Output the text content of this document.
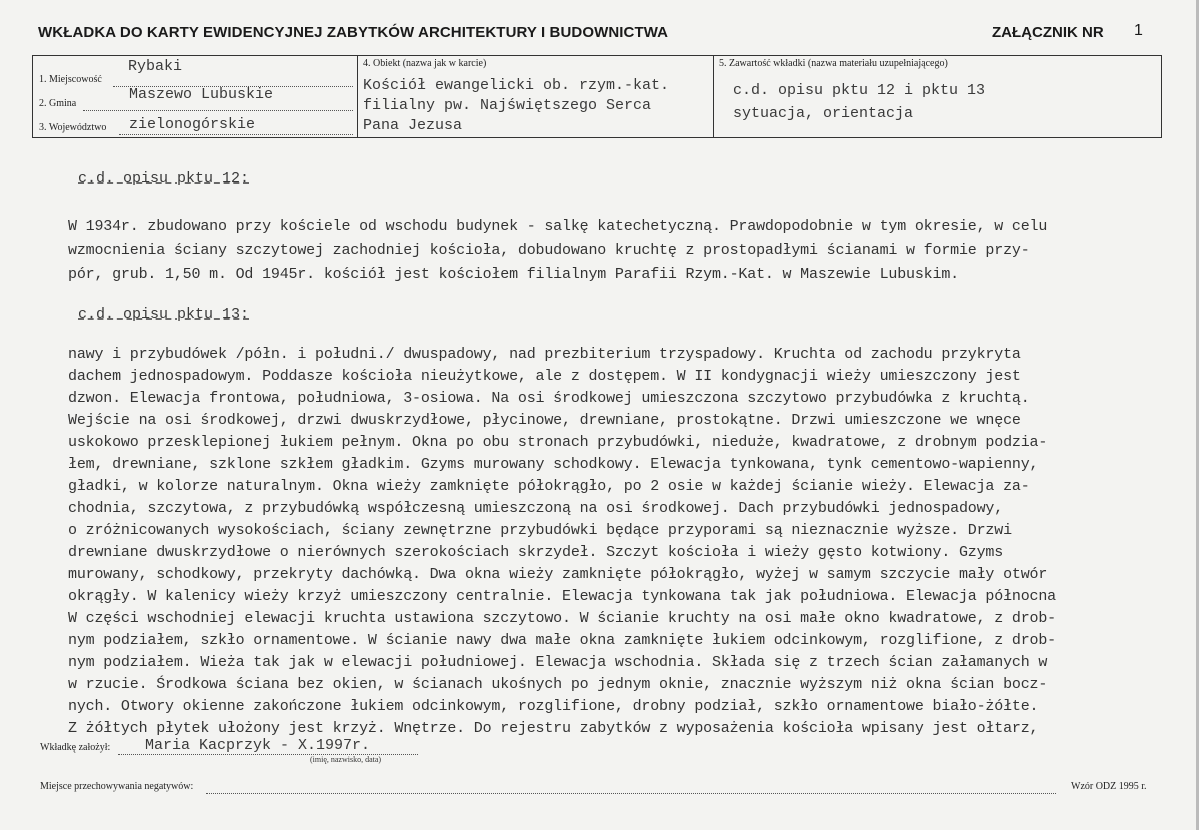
WKŁADKA DO KARTY EWIDENCYJNEJ ZABYTKÓW ARCHITEKTURY I BUDOWNICTWA	ZAŁĄCZNIK NR 1
1. Miejscowość
Rybaki
2. Gmina
Maszewo Lubuskie
3. Województwo zielonogórskie
4. Obiekt (nazwa jak w karcie)
Kościół ewangelicki ob. rzym.-kat.
filialny pw. Najświętszego Serca
Pana Jezusa
5. Zawartość wkładki (nazwa materiału uzupełniającego)
c.d. opisu pktu 12 i pktu 13
sytuacja, orientacja
c.d. opisu pktu 12:
W 1934r. zbudowano przy kościele od wschodu budynek - salkę katechetyczną. Prawdopodobnie w tym okresie, w celu
wzmocnienia ściany szczytowej zachodniej kościoła, dobudowano kruchtę z prostopadłymi ścianami w formie przy-
pór, grub. 1,50 m. Od 1945r. kościół jest kościołem filialnym Parafii Rzym.-Kat. w Maszewie Lubuskim.
c.d. opisu pktu 13:
nawy i przybudówek /półn. i południ./ dwuspadowy, nad prezbiterium trzyspadowy. Kruchta od zachodu przykryta
dachem jednospadowym. Poddasze kościoła nieużytkowe, ale z dostępem. W II kondygnacji wieży umieszczony jest
dzwon. Elewacja frontowa, południowa, 3-osiowa. Na osi środkowej umieszczona szczytowo przybudówka z kruchtą.
Wejście na osi środkowej, drzwi dwuskrzydłowe, płycinowe, drewniane, prostokątne. Drzwi umieszczone we wnęce
uskokowo przesklepionej łukiem pełnym. Okna po obu stronach przybudówki, nieduże, kwadratowe, z drobnym podzia-
łem, drewniane, szklone szkłem gładkim. Gzyms murowany schodkowy. Elewacja tynkowana, tynk cementowo-wapienny,
gładki, w kolorze naturalnym. Okna wieży zamknięte półokrągło, po 2 osie w każdej ścianie wieży. Elewacja za-
chodnia, szczytowa, z przybudówką współczesną umieszczoną na osi środkowej. Dach przybudówki jednospadowy,
o zróżnicowanych wysokościach, ściany zewnętrzne przybudówki będące przyporami są nieznacznie wyższe. Drzwi
drewniane dwuskrzydłowe o nierównych szerokościach skrzydeł. Szczyt kościoła i wieży gęsto kotwiony. Gzyms
murowany, schodkowy, przekryty dachówką. Dwa okna wieży zamknięte półokrągło, wyżej w samym szczycie mały otwór
okrągły. W kalenicy wieży krzyż umieszczony centralnie. Elewacja tynkowana tak jak południowa. Elewacja północna
W części wschodniej elewacji kruchta ustawiona szczytowo. W ścianie kruchty na osi małe okno kwadratowe, z drob-
nym podziałem, szkło ornamentowe. W ścianie nawy dwa małe okna zamknięte łukiem odcinkowym, rozglifione, z drob-
nym podziałem. Wieża tak jak w elewacji południowej. Elewacja wschodnia. Składa się z trzech ścian załamanych w
w rzucie. Środkowa ściana bez okien, w ścianach ukośnych po jednym oknie, znacznie wyższym niż okna ścian bocz-
nych. Otwory okienne zakończone łukiem odcinkowym, rozglifione, drobny podział, szkło ornamentowe biało-żółte.
Z żółtych płytek ułożony jest krzyż. Wnętrze. Do rejestru zabytków z wyposażenia kościoła wpisany jest ołtarz,
Wkładkę założył: Maria Kacprzyk - X.1997r.
(imię, nazwisko, data)
Miejsce przechowywania negatywów:	Wzór ODZ 1995 r.
